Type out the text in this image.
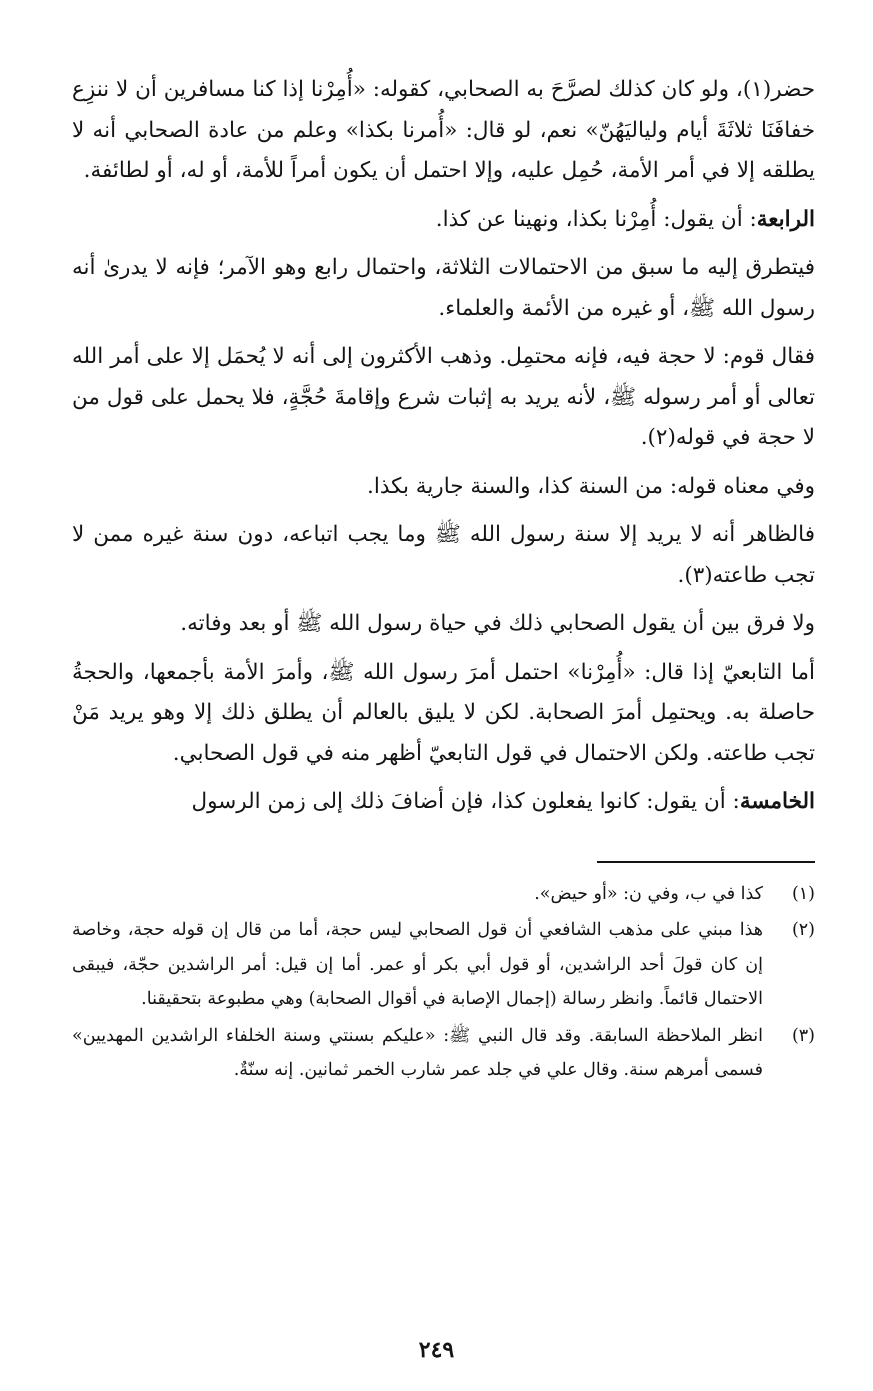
حضر(١)، ولو كان كذلك لصرَّحَ به الصحابي، كقوله: «أُمِرْنا إذا كنا مسافرين أن لا ننزِع خفافَنَا ثلاثَةَ أيام ولياليَهُنّ» نعم، لو قال: «أُمرنا بكذا» وعلم من عادة الصحابي أنه لا يطلقه إلا في أمر الأمة، حُمِل عليه، وإلا احتمل أن يكون أمراً للأمة، أو له، أو لطائفة.

الرابعة: أن يقول: أُمِرْنا بكذا، ونهينا عن كذا.

فيتطرق إليه ما سبق من الاحتمالات الثلاثة، واحتمال رابع وهو الآمر؛ فإنه لا يدرىٰ أنه رسول الله ﷺ، أو غيره من الأئمة والعلماء.

فقال قوم: لا حجة فيه، فإنه محتمِل. وذهب الأكثرون إلى أنه لا يُحمَل إلا على أمر الله تعالى أو أمر رسوله ﷺ، لأنه يريد به إثبات شرع وإقامةَ حُجَّةٍ، فلا يحمل على قول من لا حجة في قوله(٢).

وفي معناه قوله: من السنة كذا، والسنة جارية بكذا.

فالظاهر أنه لا يريد إلا سنة رسول الله ﷺ وما يجب اتباعه، دون سنة غيره ممن لا تجب طاعته(٣).

ولا فرق بين أن يقول الصحابي ذلك في حياة رسول الله ﷺ أو بعد وفاته.

أما التابعيّ إذا قال: «أُمِرْنا» احتمل أمرَ رسول الله ﷺ، وأمرَ الأمة بأجمعها، والحجةُ حاصلة به. ويحتمِل أمرَ الصحابة. لكن لا يليق بالعالم أن يطلق ذلك إلا وهو يريد مَنْ تجب طاعته. ولكن الاحتمال في قول التابعيّ أظهر منه في قول الصحابي.

الخامسة: أن يقول: كانوا يفعلون كذا، فإن أضافَ ذلك إلى زمن الرسول

(١)
كذا في ب، وفي ن: «أو حيض».
(٢)
هذا مبني على مذهب الشافعي أن قول الصحابي ليس حجة، أما من قال إن قوله حجة، وخاصة إن كان قولَ أحد الراشدين، أو قول أبي بكر أو عمر. أما إن قيل: أمر الراشدين حجّة، فيبقى الاحتمال قائماً. وانظر رسالة (إجمال الإصابة في أقوال الصحابة) وهي مطبوعة بتحقيقنا.
(٣)
انظر الملاحظة السابقة. وقد قال النبي ﷺ: «عليكم بسنتي وسنة الخلفاء الراشدين المهديين» فسمى أمرهم سنة. وقال علي في جلد عمر شارب الخمر ثمانين. إنه سنّةٌ.
٢٤٩
